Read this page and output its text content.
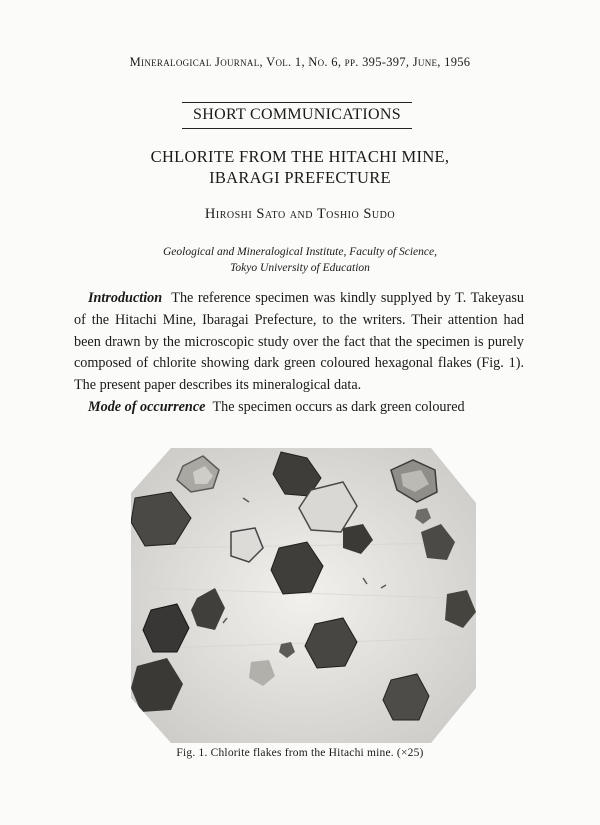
Mineralogical Journal, Vol. 1, No. 6, pp. 395-397, June, 1956
SHORT COMMUNICATIONS
CHLORITE FROM THE HITACHI MINE,
IBARAGI PREFECTURE
Hiroshi Sato and Toshio Sudo
Geological and Mineralogical Institute, Faculty of Science,
Tokyo University of Education

Introduction The reference specimen was kindly supplyed by T. Takeyasu of the Hitachi Mine, Ibaragai Prefecture, to the writers. Their attention had been drawn by the microscopic study over the fact that the specimen is purely composed of chlorite showing dark green coloured hexagonal flakes (Fig. 1). The present paper describes its mineralogical data.

Mode of occurrence The specimen occurs as dark green coloured

Fig. 1. Chlorite flakes from the Hitachi mine. (×25)
